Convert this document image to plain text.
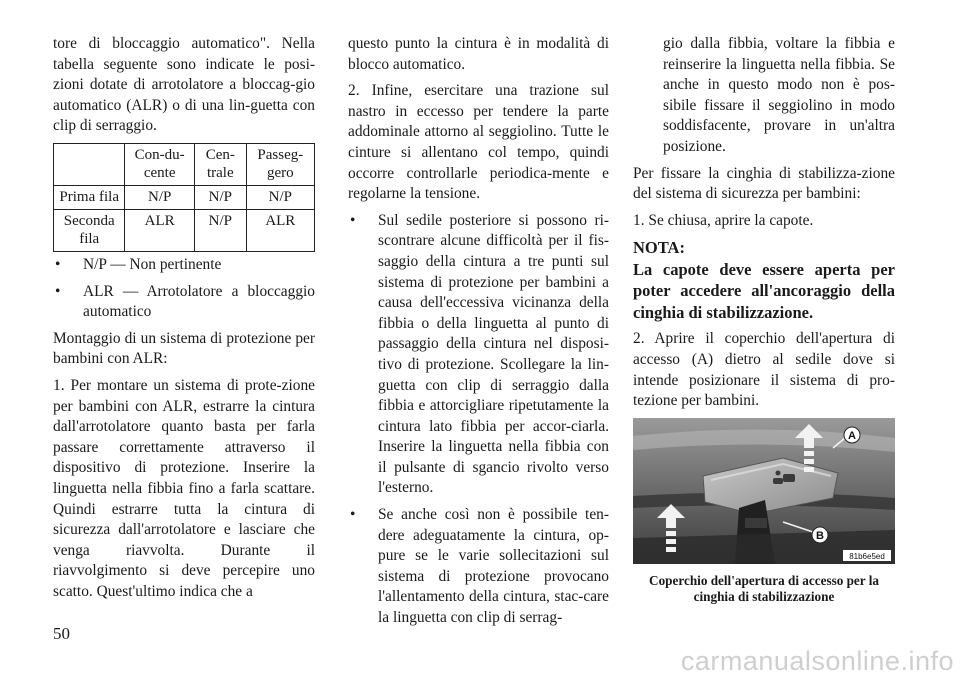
tore di bloccaggio automatico". Nella tabella seguente sono indicate le posi-zioni dotate di arrotolatore a bloccag-gio automatico (ALR) o di una lin-guetta con clip di serraggio.

	Con-du-cente	Cen-trale	Passeg-gero
Prima fila	N/P	N/P	N/P
Seconda fila	ALR	N/P	ALR
• N/P — Non pertinente
• ALR — Arrotolatore a bloccaggio automatico

Montaggio di un sistema di protezione per bambini con ALR:

1. Per montare un sistema di prote-zione per bambini con ALR, estrarre la cintura dall'arrotolatore quanto basta per farla passare correttamente attraverso il dispositivo di protezione. Inserire la linguetta nella fibbia fino a farla scattare. Quindi estrarre tutta la cintura di sicurezza dall'arrotolatore e lasciare che venga riavvolta. Durante il riavvolgimento si deve percepire uno scatto. Quest'ultimo indica che a

questo punto la cintura è in modalità di blocco automatico.

2. Infine, esercitare una trazione sul nastro in eccesso per tendere la parte addominale attorno al seggiolino. Tutte le cinture si allentano col tempo, quindi occorre controllarle periodica-mente e regolarne la tensione.

• Sul sedile posteriore si possono ri-scontrare alcune difficoltà per il fis-saggio della cintura a tre punti sul sistema di protezione per bambini a causa dell'eccessiva vicinanza della fibbia o della linguetta al punto di passaggio della cintura nel disposi-tivo di protezione. Scollegare la lin-guetta con clip di serraggio dalla fibbia e attorcigliare ripetutamente la cintura lato fibbia per accor-ciarla. Inserire la linguetta nella fibbia con il pulsante di sgancio rivolto verso l'esterno.
• Se anche così non è possibile ten-dere adeguatamente la cintura, op-pure se le varie sollecitazioni sul sistema di protezione provocano l'allentamento della cintura, stac-care la linguetta con clip di serrag-

gio dalla fibbia, voltare la fibbia e reinserire la linguetta nella fibbia. Se anche in questo modo non è pos-sibile fissare il seggiolino in modo soddisfacente, provare in un'altra posizione.

Per fissare la cinghia di stabilizza-zione del sistema di sicurezza per bambini:

1. Se chiusa, aprire la capote.

NOTA:

La capote deve essere aperta per poter accedere all'ancoraggio della cinghia di stabilizzazione.

2. Aprire il coperchio dell'apertura di accesso (A) dietro al sedile dove si intende posizionare il sistema di pro-tezione per bambini.

A
B
81b6e5ed
Coperchio dell'apertura di accesso per la cinghia di stabilizzazione
50
carmanualsonline.info
